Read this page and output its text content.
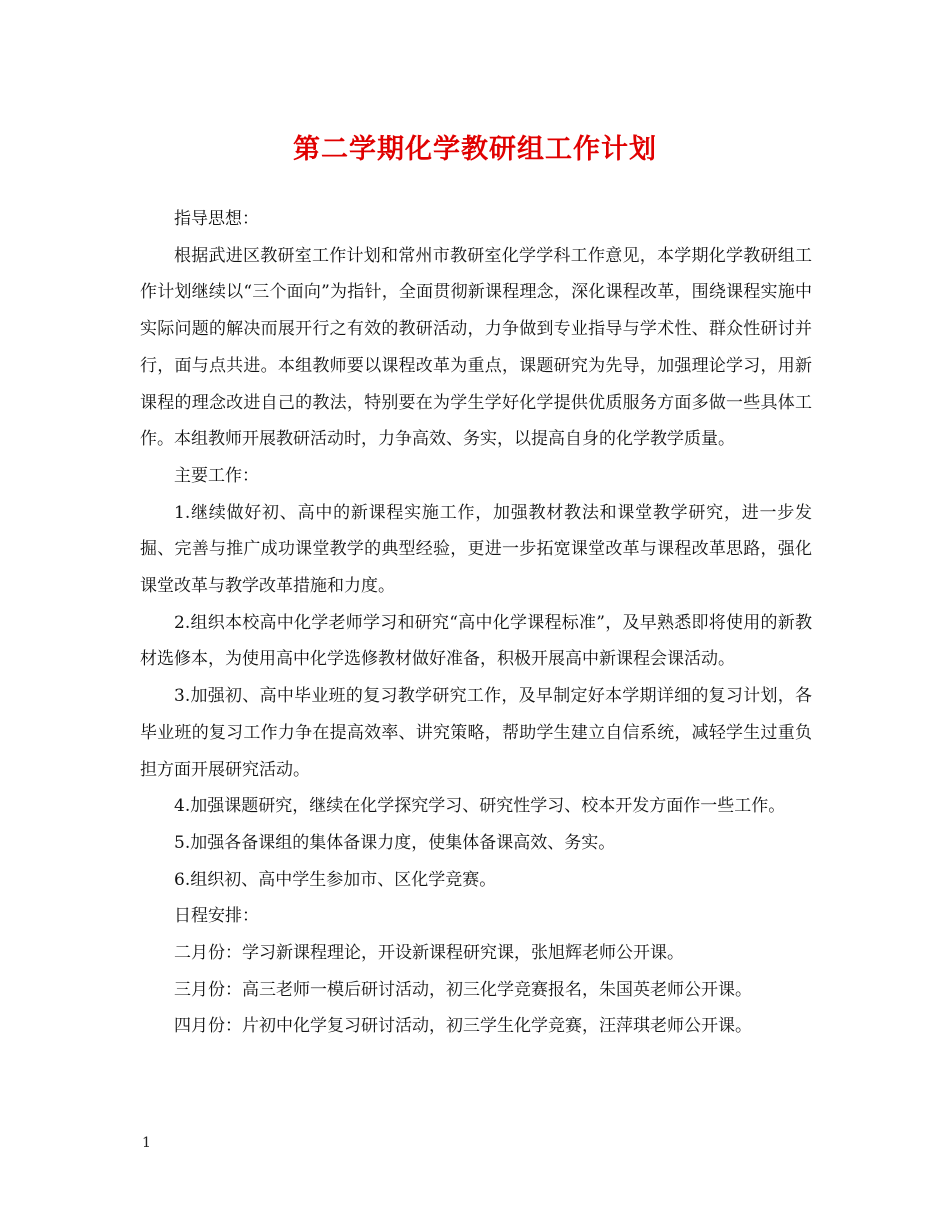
第二学期化学教研组工作计划

指导思想：

根据武进区教研室工作计划和常州市教研室化学学科工作意见，本学期化学教研组工作计划继续以“三个面向”为指针，全面贯彻新课程理念，深化课程改革，围绕课程实施中实际问题的解决而展开行之有效的教研活动，力争做到专业指导与学术性、群众性研讨并行，面与点共进。本组教师要以课程改革为重点，课题研究为先导，加强理论学习，用新课程的理念改进自己的教法，特别要在为学生学好化学提供优质服务方面多做一些具体工作。本组教师开展教研活动时，力争高效、务实，以提高自身的化学教学质量。

主要工作：

1.继续做好初、高中的新课程实施工作，加强教材教法和课堂教学研究，进一步发掘、完善与推广成功课堂教学的典型经验，更进一步拓宽课堂改革与课程改革思路，强化课堂改革与教学改革措施和力度。

2.组织本校高中化学老师学习和研究“高中化学课程标准”，及早熟悉即将使用的新教材选修本，为使用高中化学选修教材做好准备，积极开展高中新课程会课活动。

3.加强初、高中毕业班的复习教学研究工作，及早制定好本学期详细的复习计划，各毕业班的复习工作力争在提高效率、讲究策略，帮助学生建立自信系统，减轻学生过重负担方面开展研究活动。

4.加强课题研究，继续在化学探究学习、研究性学习、校本开发方面作一些工作。

5.加强各备课组的集体备课力度，使集体备课高效、务实。

6.组织初、高中学生参加市、区化学竞赛。

日程安排：

二月份：学习新课程理论，开设新课程研究课，张旭辉老师公开课。

三月份：高三老师一模后研讨活动，初三化学竞赛报名，朱国英老师公开课。

四月份：片初中化学复习研讨活动，初三学生化学竞赛，汪萍琪老师公开课。

1
